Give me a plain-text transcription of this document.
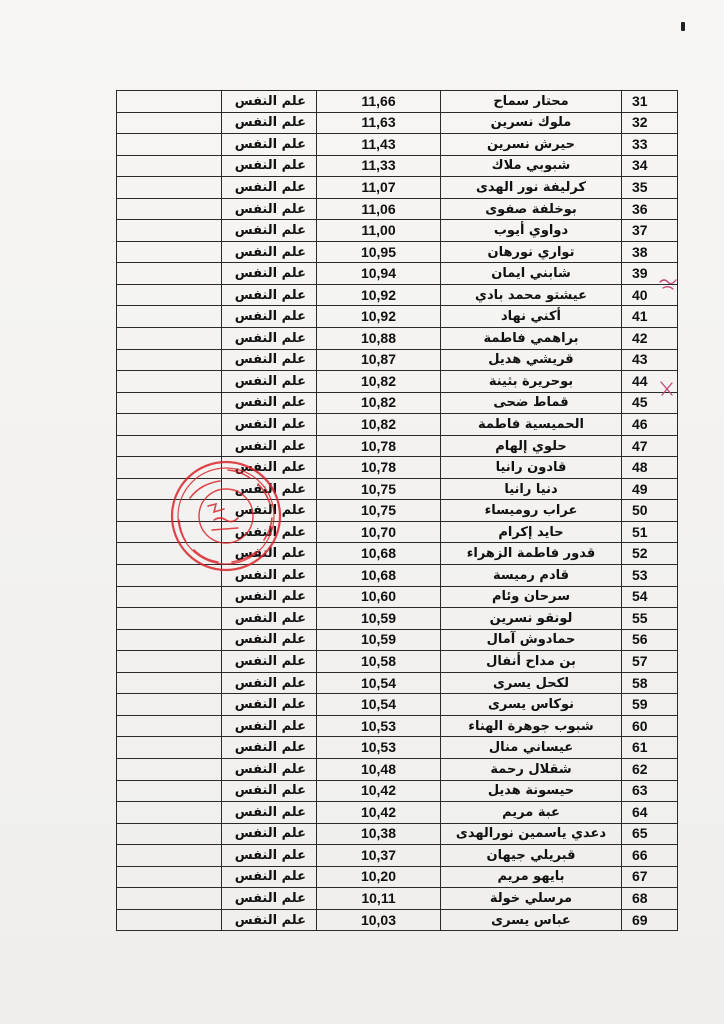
	علم النفس	11,66	محتار سماح	31
	علم النفس	11,63	ملوك نسرين	32
	علم النفس	11,43	حيرش نسرين	33
	علم النفس	11,33	شبوبي ملاك	34
	علم النفس	11,07	كرليفة نور الهدى	35
	علم النفس	11,06	بوخلفة صفوى	36
	علم النفس	11,00	دواوي أيوب	37
	علم النفس	10,95	تواري نورهان	38
	علم النفس	10,94	شابني ايمان	39
	علم النفس	10,92	عيشتو محمد بادي	40
	علم النفس	10,92	أكني نهاد	41
	علم النفس	10,88	براهمي فاطمة	42
	علم النفس	10,87	قريشي هديل	43
	علم النفس	10,82	بوحريرة بثينة	44
	علم النفس	10,82	قماط ضحى	45
	علم النفس	10,82	الحميسية فاطمة	46
	علم النفس	10,78	حلوي إلهام	47
	علم النفس	10,78	قادون رانيا	48
	علم النفس	10,75	دنيا رانيا	49
	علم النفس	10,75	عراب روميساء	50
	علم النفس	10,70	حايد إكرام	51
	علم النفس	10,68	قدور فاطمة الزهراء	52
	علم النفس	10,68	قادم رميسة	53
	علم النفس	10,60	سرحان وئام	54
	علم النفس	10,59	لونقو نسرين	55
	علم النفس	10,59	حمادوش آمال	56
	علم النفس	10,58	بن مداح أنفال	57
	علم النفس	10,54	لكحل يسرى	58
	علم النفس	10,54	نوكاس يسرى	59
	علم النفس	10,53	شبوب جوهرة الهناء	60
	علم النفس	10,53	عيساني منال	61
	علم النفس	10,48	شقلال رحمة	62
	علم النفس	10,42	حيسونة هديل	63
	علم النفس	10,42	عبة مريم	64
	علم النفس	10,38	دعدي ياسمين نورالهدى	65
	علم النفس	10,37	قبريلي جيهان	66
	علم النفس	10,20	بايهو مريم	67
	علم النفس	10,11	مرسلي خولة	68
	علم النفس	10,03	عباس يسرى	69
